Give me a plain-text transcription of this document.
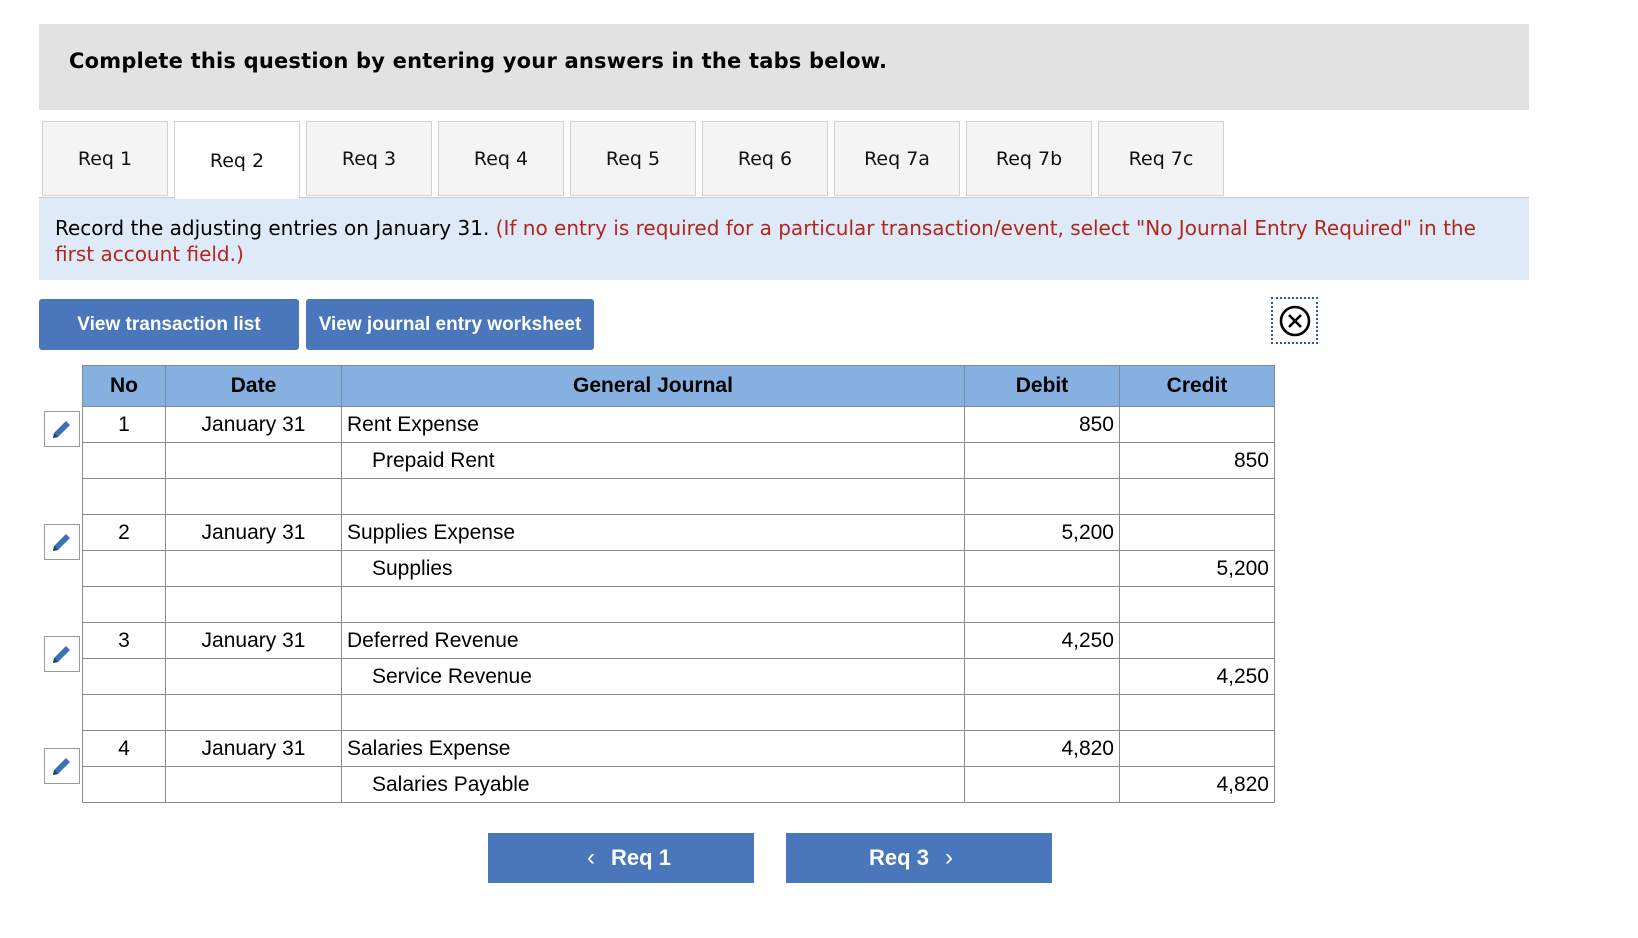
Complete this question by entering your answers in the tabs below.
Req 1	Req 2	Req 3	Req 4	Req 5	Req 6	Req 7a	Req 7b	Req 7c
Record the adjusting entries on January 31. (If no entry is required for a particular transaction/event, select "No Journal Entry Required" in the first account field.)
View transaction list	View journal entry worksheet
No	Date	General Journal	Debit	Credit
1	January 31	Rent Expense	850	
		Prepaid Rent		850

2	January 31	Supplies Expense	5,200	
		Supplies		5,200

3	January 31	Deferred Revenue	4,250	
		Service Revenue		4,250

4	January 31	Salaries Expense	4,820	
		Salaries Payable		4,820
‹ Req 1	Req 3 ›
